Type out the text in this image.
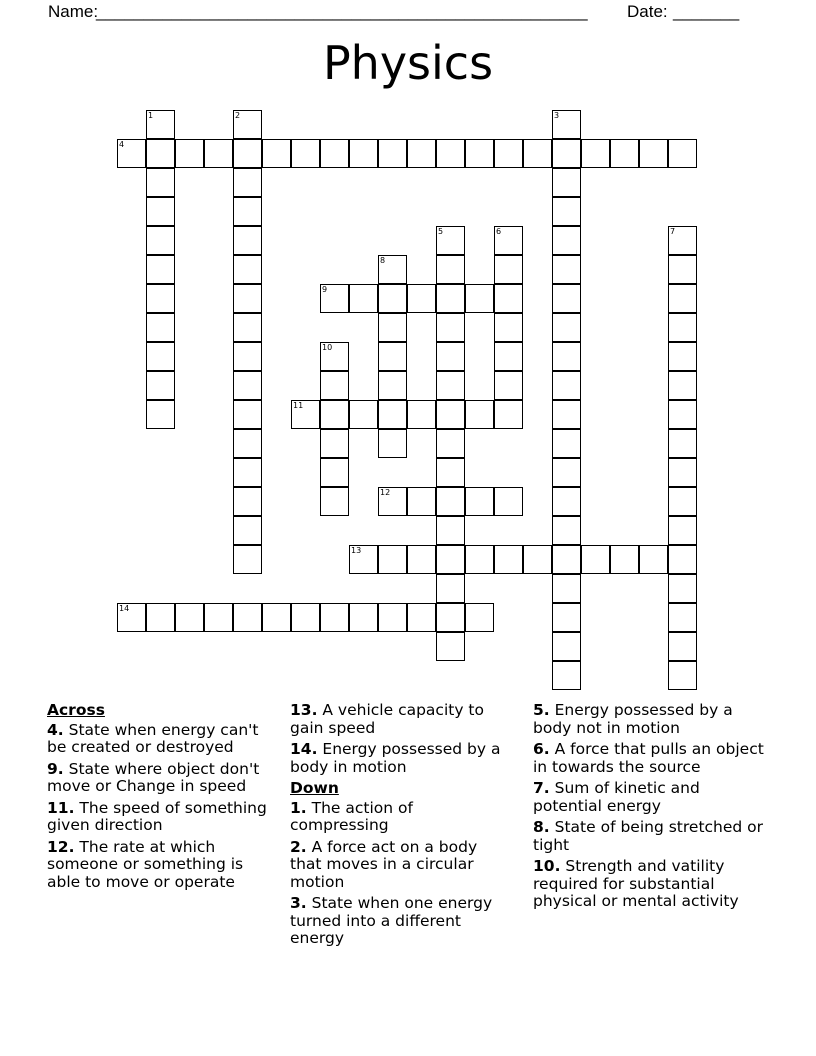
Name:
____________________________________________________ Date: _______
Physics
1	2	3
4
5	6	7
8
9
10
11
12
13
14
Across
4. State when energy can't be created or destroyed
9. State where object don't move or Change in speed
11. The speed of something given direction
12. The rate at which someone or something is able to move or operate
13. A vehicle capacity to gain speed
14. Energy possessed by a body in motion
Down
1. The action of compressing
2. A force act on a body that moves in a circular motion
3. State when one energy turned into a different energy
5. Energy possessed by a body not in motion
6. A force that pulls an object in towards the source
7. Sum of kinetic and potential energy
8. State of being stretched or tight
10. Strength and vatility required for substantial physical or mental activity
